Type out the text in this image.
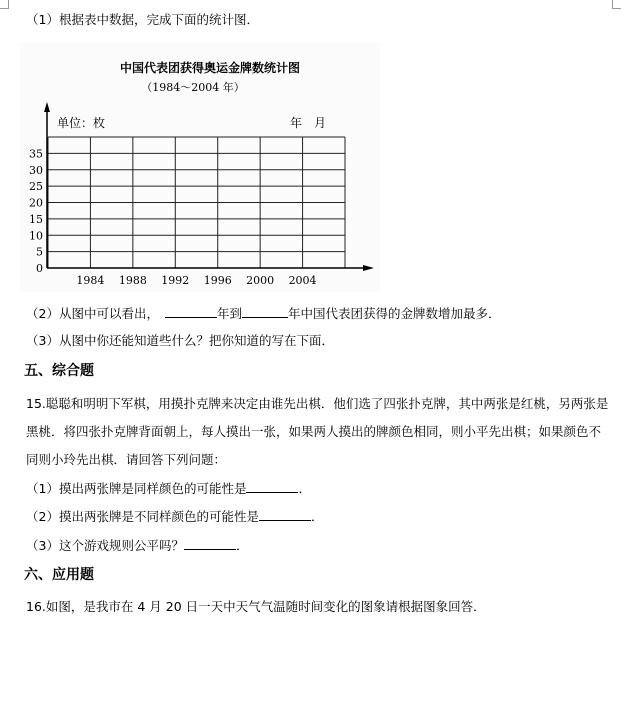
（1）根据表中数据，完成下面的统计图．
中国代表团获得奥运金牌数统计图
（1984～2004 年）
单位：枚	年　月
0
5
10
15
20
25
30
35
1984 1988 1992 1996 2000 2004
（2）从图中可以看出，	年到	年中国代表团获得的金牌数增加最多．
（3）从图中你还能知道些什么？把你知道的写在下面．
五、综合题
15.聪聪和明明下军棋，用摸扑克牌来决定由谁先出棋．他们选了四张扑克牌，其中两张是红桃，另两张是
黑桃．将四张扑克牌背面朝上，每人摸出一张，如果两人摸出的牌颜色相同，则小平先出棋；如果颜色不
同则小玲先出棋．请回答下列问题：
（1）摸出两张牌是同样颜色的可能性是	．
（2）摸出两张牌是不同样颜色的可能性是	．
（3）这个游戏规则公平吗？	．
六、应用题
16.如图，是我市在 4 月 20 日一天中天气气温随时间变化的图象请根据图象回答．
